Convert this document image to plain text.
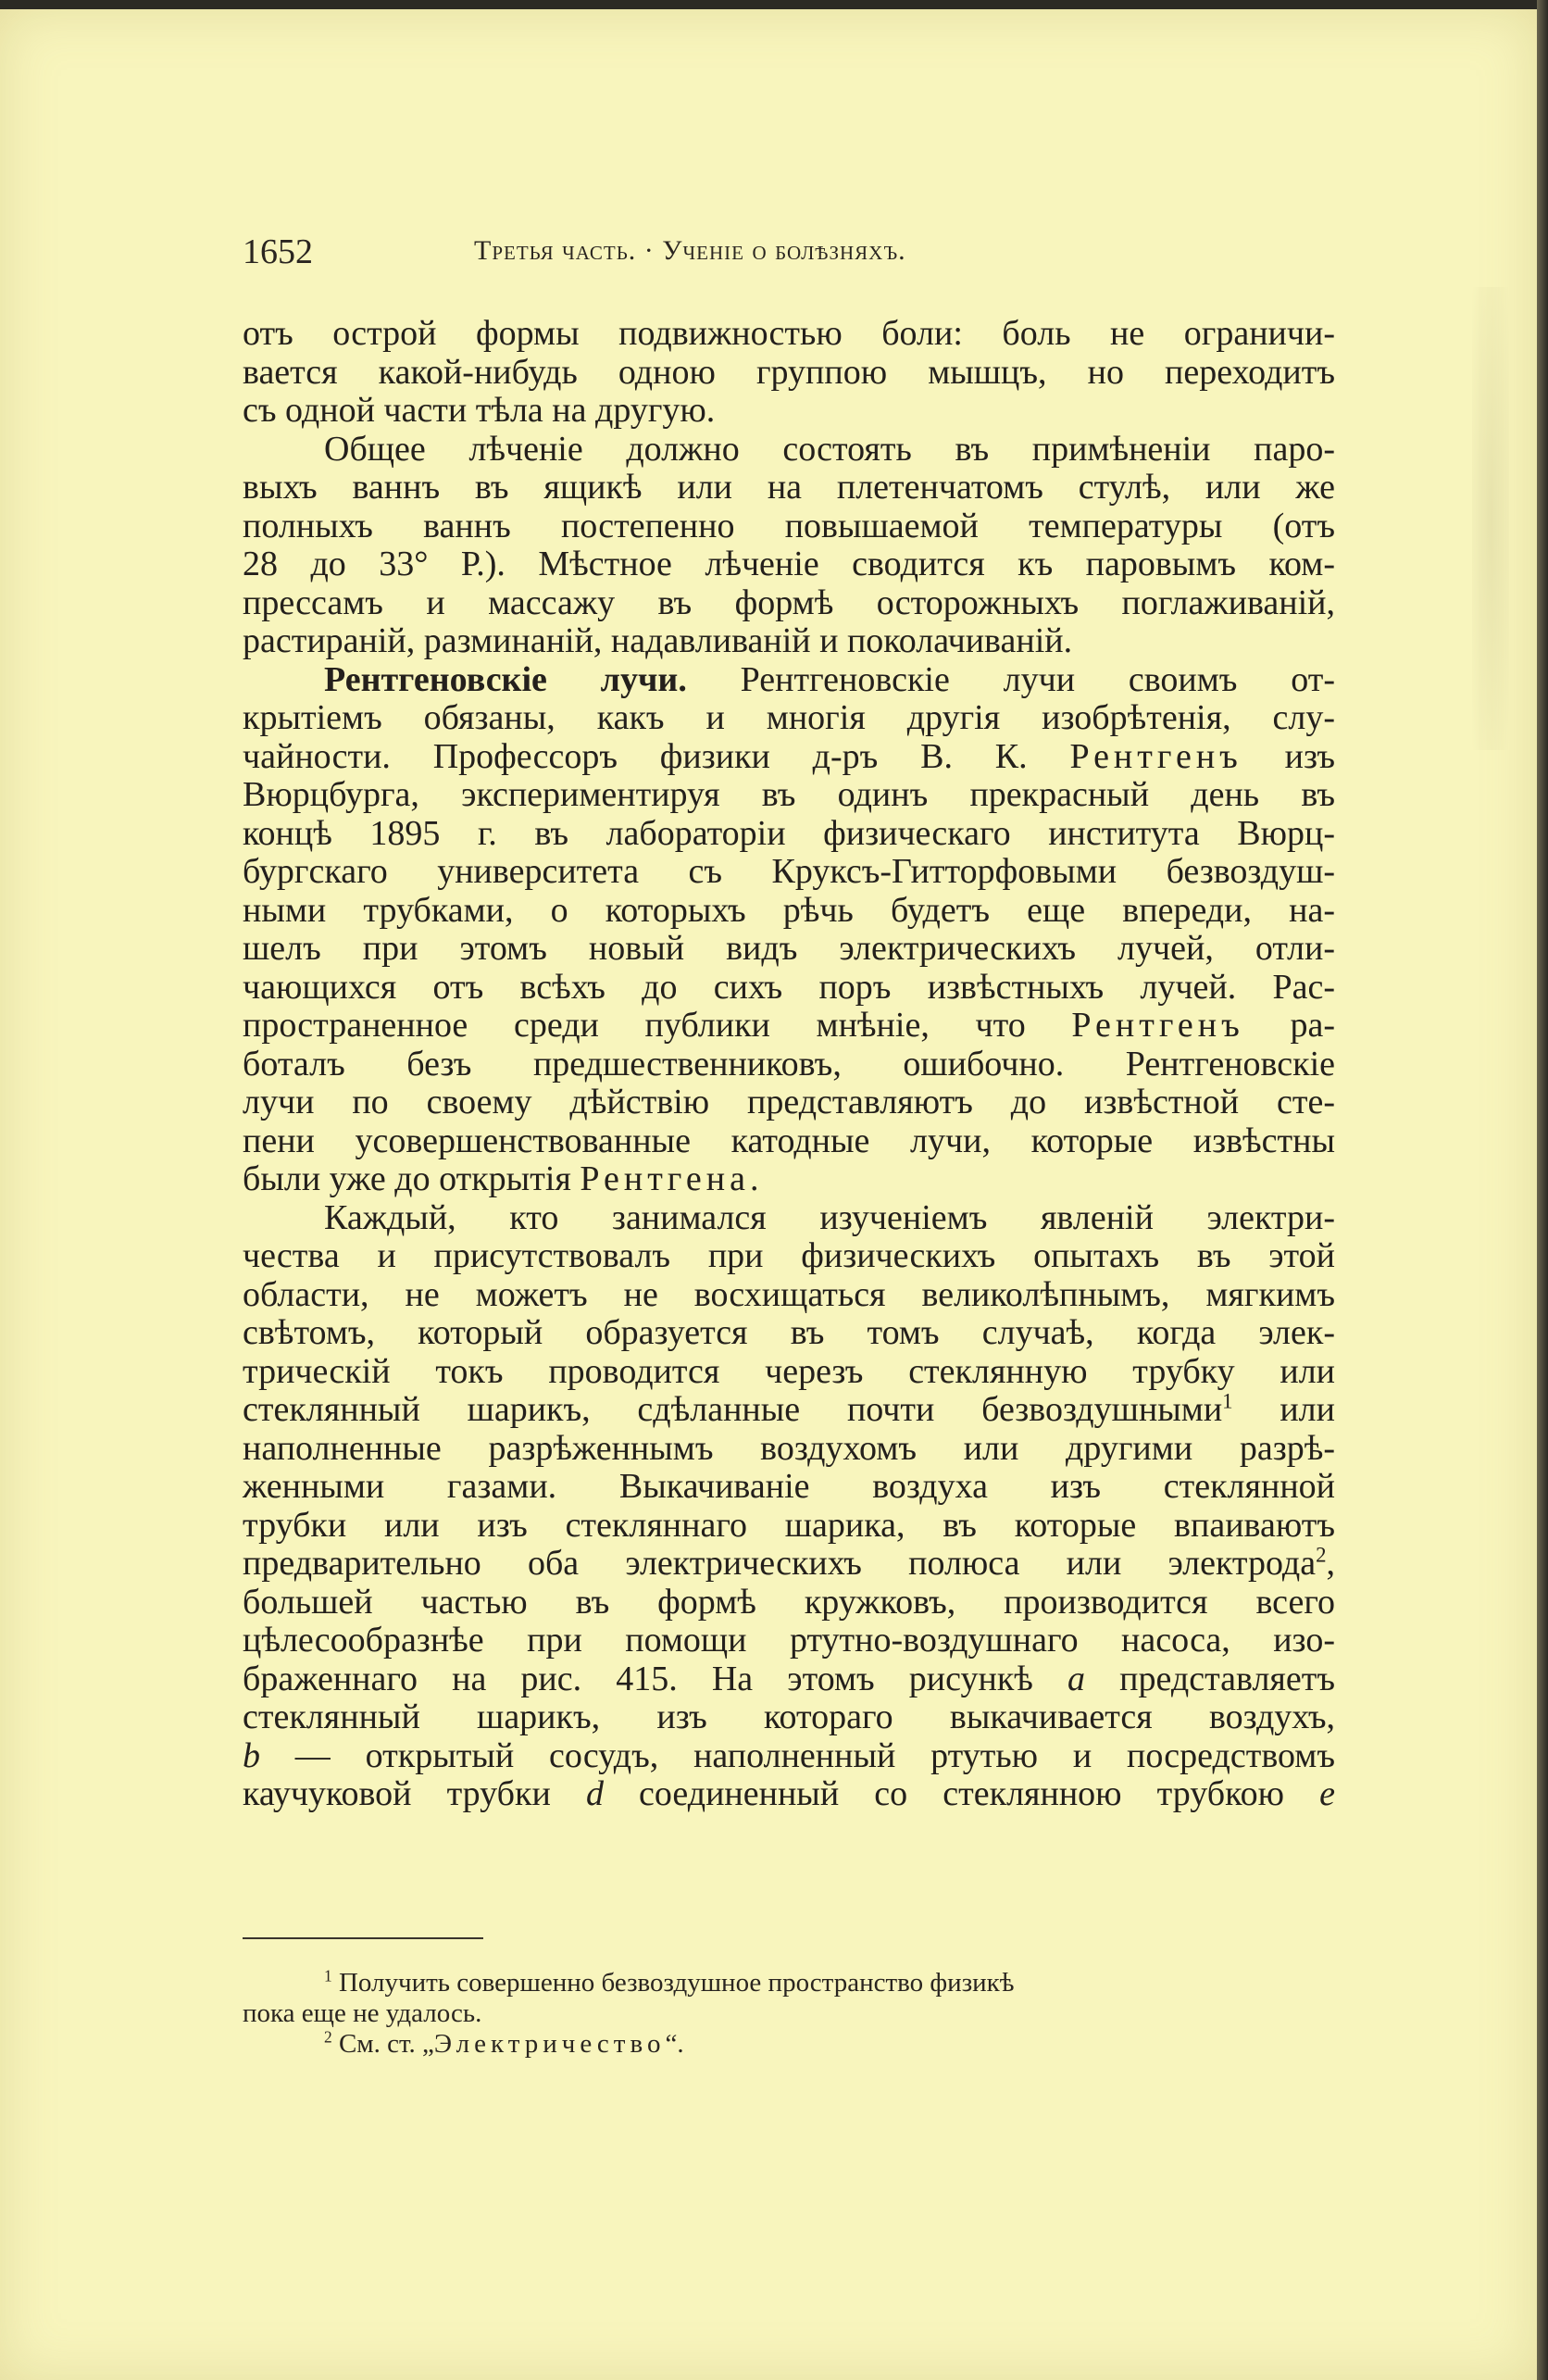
1652	Третья часть. · Ученіе о болѣзняхъ.
отъ острой формы подвижностью боли: боль не ограничи-
вается какой-нибудь одною группою мышцъ, но переходитъ
съ одной части тѣла на другую.
Общее лѣченіе должно состоять въ примѣненіи паро-
выхъ ваннъ въ ящикѣ или на плетенчатомъ стулѣ, или же
полныхъ ваннъ постепенно повышаемой температуры (отъ
28 до 33° Р.). Мѣстное лѣченіе сводится къ паровымъ ком-
прессамъ и массажу въ формѣ осторожныхъ поглаживаній,
растираній, разминаній, надавливаній и поколачиваній.
Рентгеновскіе лучи. Рентгеновскіе лучи своимъ от-
крытіемъ обязаны, какъ и многія другія изобрѣтенія, слу-
чайности. Профессоръ физики д-ръ В. К. Рентгенъ изъ
Вюрцбурга, экспериментируя въ одинъ прекрасный день въ
концѣ 1895 г. въ лабораторіи физическаго института Вюрц-
бургскаго университета съ Круксъ-Гитторфовыми безвоздуш-
ными трубками, о которыхъ рѣчь будетъ еще впереди, на-
шелъ при этомъ новый видъ электрическихъ лучей, отли-
чающихся отъ всѣхъ до сихъ поръ извѣстныхъ лучей. Рас-
пространенное среди публики мнѣніе, что Рентгенъ ра-
боталъ безъ предшественниковъ, ошибочно. Рентгеновскіе
лучи по своему дѣйствію представляютъ до извѣстной сте-
пени усовершенствованные катодные лучи, которые извѣстны
были уже до открытія Рентгена.
Каждый, кто занимался изученіемъ явленій электри-
чества и присутствовалъ при физическихъ опытахъ въ этой
области, не можетъ не восхищаться великолѣпнымъ, мягкимъ
свѣтомъ, который образуется въ томъ случаѣ, когда элек-
трическій токъ проводится черезъ стеклянную трубку или
стеклянный шарикъ, сдѣланные почти безвоздушными$^1$ или
наполненные разрѣженнымъ воздухомъ или другими разрѣ-
женными газами. Выкачиваніе воздуха изъ стеклянной
трубки или изъ стекляннаго шарика, въ которые впаиваютъ
предварительно оба электрическихъ полюса или электрода$^2$,
большей частью въ формѣ кружковъ, производится всего
цѣлесообразнѣе при помощи ртутно-воздушнаго насоса, изо-
браженнаго на рис. 415. На этомъ рисункѣ a представляетъ
стеклянный шарикъ, изъ котораго выкачивается воздухъ,
b — открытый сосудъ, наполненный ртутью и посредствомъ
каучуковой трубки d соединенный со стеклянною трубкою e
$^1$ Получить совершенно безвоздушное пространство физикѣ
пока еще не удалось.
$^2$ См. ст. „Электричество“.
